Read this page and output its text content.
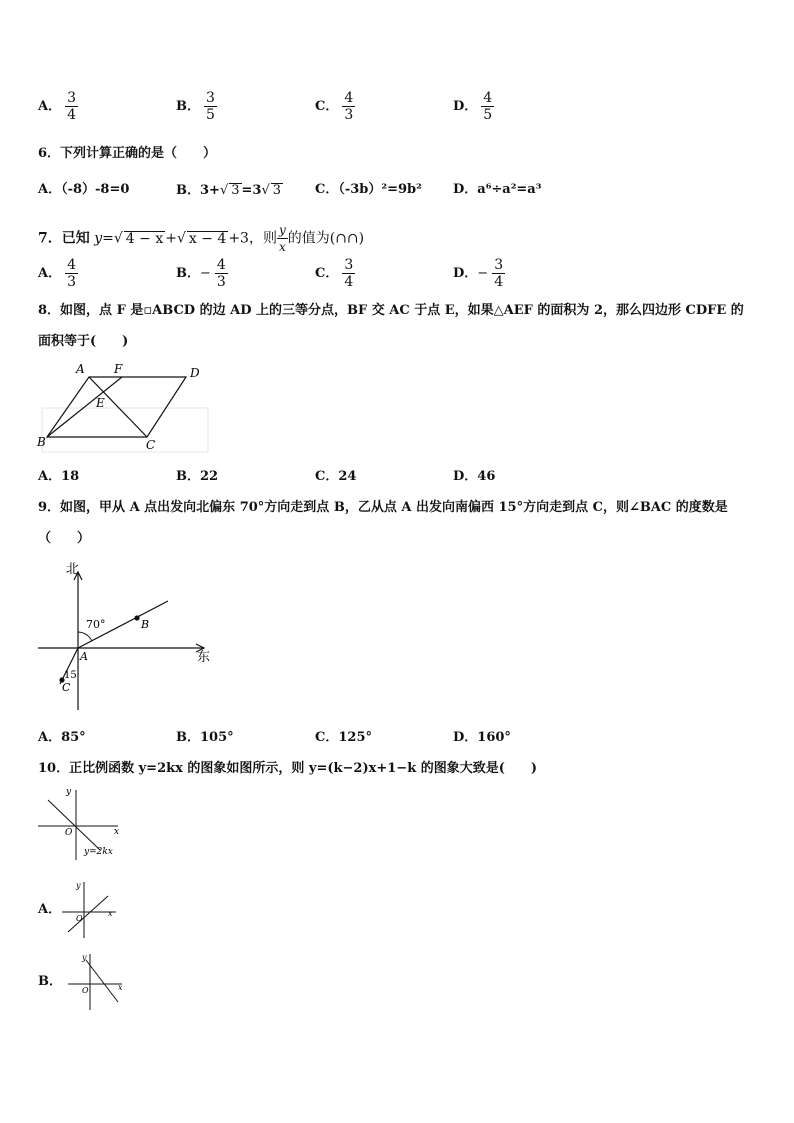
A． $\frac{3}{4}$	B． $\frac{3}{5}$	C． $\frac{4}{3}$	D． $\frac{4}{5}$
6．下列计算正确的是（　　）
A．（-8）-8=0	B．3+√ 3 =3√ 3	C．（-3b）²=9b² D．a⁶÷a²=a³
7．已知 y=√ 4 − x +√ x − 4 +3，则 $\frac{y}{x}$ 的值为(∩∩)
A． $\frac{4}{3}$	B．− $\frac{4}{3}$	C． $\frac{3}{4}$	D．− $\frac{3}{4}$
8．如图，点 F 是▫ABCD 的边 AD 上的三等分点，BF 交 AC 于点 E，如果△AEF 的面积为 2，那么四边形 CDFE 的
面积等于(　　)
A F	D
E
B	C
A．18	B．22	C．24	D．46
9．如图，甲从 A 点出发向北偏东 70°方向走到点 B，乙从点 A 出发向南偏西 15°方向走到点 C，则∠BAC 的度数是
（　　）
北
东
70°
15
A
B
C
A．85°	B．105°	C．125°	D．160°
10．正比例函数 y=2kx 的图象如图所示，则 y=(k−2)x+1−k 的图象大致是(　　)
y
x
O
y=2kx
A．
y
x
O
B．
y
x
O
